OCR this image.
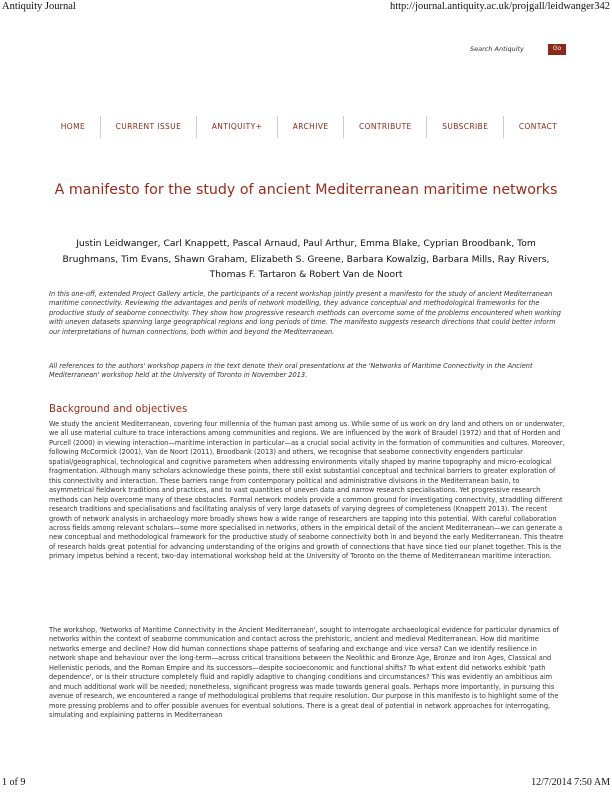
Antiquity Journal	http://journal.antiquity.ac.uk/projgall/leidwanger342
Search Antiquity	Go
HOME	CURRENT ISSUE	ANTIQUITY+	ARCHIVE	CONTRIBUTE	SUBSCRIBE	CONTACT
A manifesto for the study of ancient Mediterranean maritime networks

Justin Leidwanger, Carl Knappett, Pascal Arnaud, Paul Arthur, Emma Blake, Cyprian Broodbank, Tom Brughmans, Tim Evans, Shawn Graham, Elizabeth S. Greene, Barbara Kowalzig, Barbara Mills, Ray Rivers, Thomas F. Tartaron & Robert Van de Noort

In this one-off, extended Project Gallery article, the participants of a recent workshop jointly present a manifesto for the study of ancient Mediterranean maritime connectivity. Reviewing the advantages and perils of network modelling, they advance conceptual and methodological frameworks for the productive study of seaborne connectivity. They show how progressive research methods can overcome some of the problems encountered when working with uneven datasets spanning large geographical regions and long periods of time. The manifesto suggests research directions that could better inform our interpretations of human connections, both within and beyond the Mediterranean.

All references to the authors' workshop papers in the text denote their oral presentations at the 'Networks of Maritime Connectivity in the Ancient Mediterranean' workshop held at the University of Toronto in November 2013.

Background and objectives

We study the ancient Mediterranean, covering four millennia of the human past among us. While some of us work on dry land and others on or underwater, we all use material culture to trace interactions among communities and regions. We are influenced by the work of Braudel (1972) and that of Horden and Purcell (2000) in viewing interaction—maritime interaction in particular—as a crucial social activity in the formation of communities and cultures. Moreover, following McCormick (2001), Van de Noort (2011), Broodbank (2013) and others, we recognise that seaborne connectivity engenders particular spatial/geographical, technological and cognitive parameters when addressing environments vitally shaped by marine topography and micro-ecological fragmentation. Although many scholars acknowledge these points, there still exist substantial conceptual and technical barriers to greater exploration of this connectivity and interaction. These barriers range from contemporary political and administrative divisions in the Mediterranean basin, to asymmetrical fieldwork traditions and practices, and to vast quantities of uneven data and narrow research specialisations. Yet progressive research methods can help overcome many of these obstacles. Formal network models provide a common ground for investigating connectivity, straddling different research traditions and specialisations and facilitating analysis of very large datasets of varying degrees of completeness (Knappett 2013). The recent growth of network analysis in archaeology more broadly shows how a wide range of researchers are tapping into this potential. With careful collaboration across fields among relevant scholars—some more specialised in networks, others in the empirical detail of the ancient Mediterranean—we can generate a new conceptual and methodological framework for the productive study of seaborne connectivity both in and beyond the early Mediterranean. This theatre of research holds great potential for advancing understanding of the origins and growth of connections that have since tied our planet together. This is the primary impetus behind a recent, two-day international workshop held at the University of Toronto on the theme of Mediterranean maritime interaction.

The workshop, 'Networks of Maritime Connectivity in the Ancient Mediterranean', sought to interrogate archaeological evidence for particular dynamics of networks within the context of seaborne communication and contact across the prehistoric, ancient and medieval Mediterranean. How did maritime networks emerge and decline? How did human connections shape patterns of seafaring and exchange and vice versa? Can we identify resilience in network shape and behaviour over the long-term—across critical transitions between the Neolithic and Bronze Age, Bronze and Iron Ages, Classical and Hellenistic periods, and the Roman Empire and its successors—despite socioeconomic and functional shifts? To what extent did networks exhibit 'path dependence', or is their structure completely fluid and rapidly adaptive to changing conditions and circumstances? This was evidently an ambitious aim and much additional work will be needed; nonetheless, significant progress was made towards general goals. Perhaps more importantly, in pursuing this avenue of research, we encountered a range of methodological problems that require resolution. Our purpose in this manifesto is to highlight some of the more pressing problems and to offer possible avenues for eventual solutions. There is a great deal of potential in network approaches for interrogating, simulating and explaining patterns in Mediterranean

1 of 9	12/7/2014 7:50 AM
